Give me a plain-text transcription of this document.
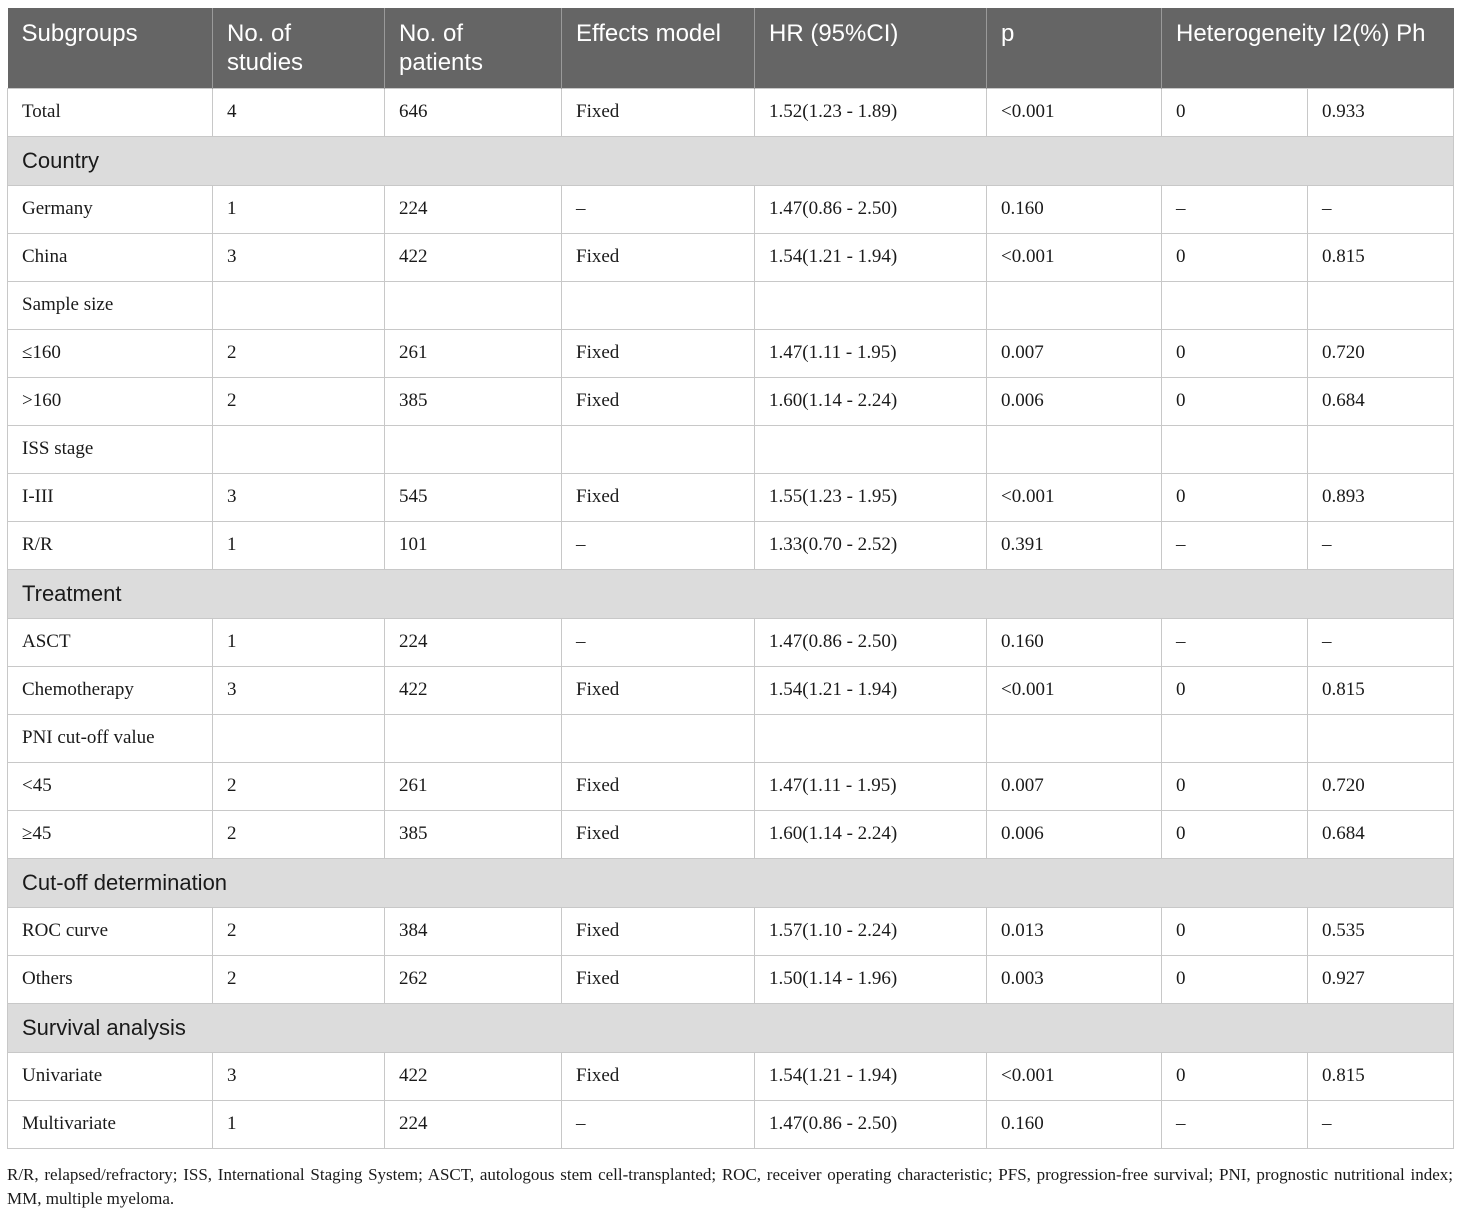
Subgroups	No. of studies	No. of patients	Effects model	HR (95%CI)	p	Heterogeneity I2(%) Ph	
Total	4	646	Fixed	1.52(1.23 - 1.89)	<0.001	0	0.933
Country							
Germany	1	224	–	1.47(0.86 - 2.50)	0.160	–	–
China	3	422	Fixed	1.54(1.21 - 1.94)	<0.001	0	0.815
Sample size							
≤160	2	261	Fixed	1.47(1.11 - 1.95)	0.007	0	0.720
>160	2	385	Fixed	1.60(1.14 - 2.24)	0.006	0	0.684
ISS stage							
I-III	3	545	Fixed	1.55(1.23 - 1.95)	<0.001	0	0.893
R/R	1	101	–	1.33(0.70 - 2.52)	0.391	–	–
Treatment							
ASCT	1	224	–	1.47(0.86 - 2.50)	0.160	–	–
Chemotherapy	3	422	Fixed	1.54(1.21 - 1.94)	<0.001	0	0.815
PNI cut-off value							
<45	2	261	Fixed	1.47(1.11 - 1.95)	0.007	0	0.720
≥45	2	385	Fixed	1.60(1.14 - 2.24)	0.006	0	0.684
Cut-off determination							
ROC curve	2	384	Fixed	1.57(1.10 - 2.24)	0.013	0	0.535
Others	2	262	Fixed	1.50(1.14 - 1.96)	0.003	0	0.927
Survival analysis							
Univariate	3	422	Fixed	1.54(1.21 - 1.94)	<0.001	0	0.815
Multivariate	1	224	–	1.47(0.86 - 2.50)	0.160	–	–

R/R, relapsed/refractory; ISS, International Staging System; ASCT, autologous stem cell-transplanted; ROC, receiver operating characteristic; PFS, progression-free survival; PNI, prognostic nutritional index; MM, multiple myeloma.
